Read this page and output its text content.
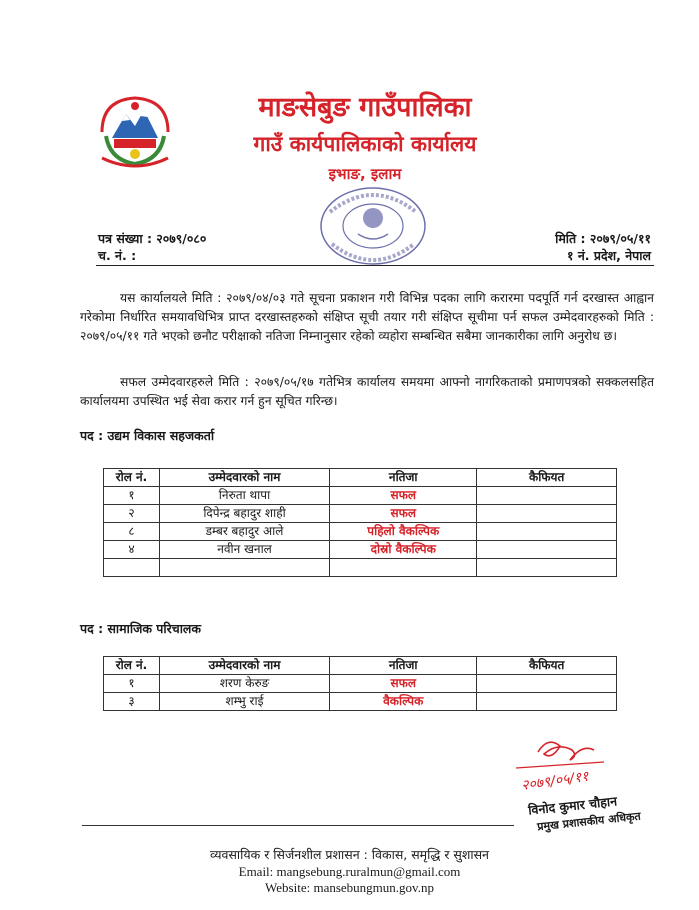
माङसेबुङ गाउँपालिका
गाउँ कार्यपालिकाको कार्यालय
इभाङ, इलाम
पत्र संख्या : २०७९/०८०
च. नं. :
मिति : २०७९/०५/११
१ नं. प्रदेश, नेपाल
यस कार्यालयले मिति : २०७९/०४/०३ गते सूचना प्रकाशन गरी विभिन्न पदका लागि करारमा पदपूर्ति गर्न दरखास्त आह्वान गरेकोमा निर्धारित समयावधिभित्र प्राप्त दरखास्तहरुको संक्षिप्त सूची तयार गरी संक्षिप्त सूचीमा पर्न सफल उम्मेदवारहरुको मिति : २०७९/०५/११ गते भएको छनौट परीक्षाको नतिजा निम्नानुसार रहेको व्यहोरा सम्बन्धित सबैमा जानकारीका लागि अनुरोध छ।
सफल उम्मेदवारहरुले मिति : २०७९/०५/१७ गतेभित्र कार्यालय समयमा आफ्नो नागरिकताको प्रमाणपत्रको सक्कलसहित कार्यालयमा उपस्थित भई सेवा करार गर्न हुन सूचित गरिन्छ।
पद : उद्यम विकास सहजकर्ता
रोल नं.	उम्मेदवारको नाम	नतिजा	कैफियत
१	निरुता थापा	सफल	
२	दिपेन्द्र बहादुर शाही	सफल	
८	डम्बर बहादुर आले	पहिलो वैकल्पिक	
४	नवीन खनाल	दोस्रो वैकल्पिक	

पद : सामाजिक परिचालक
रोल नं.	उम्मेदवारको नाम	नतिजा	कैफियत
१	शरण केरुङ	सफल	
३	शम्भु राई	वैकल्पिक	
२०७९/०५/११
विनोद कुमार चौहान
प्रमुख प्रशासकीय अधिकृत
व्यवसायिक र सिर्जनशील प्रशासन : विकास, समृद्धि र सुशासन
Email: mangsebung.ruralmun@gmail.com
Website: mansebungmun.gov.np
